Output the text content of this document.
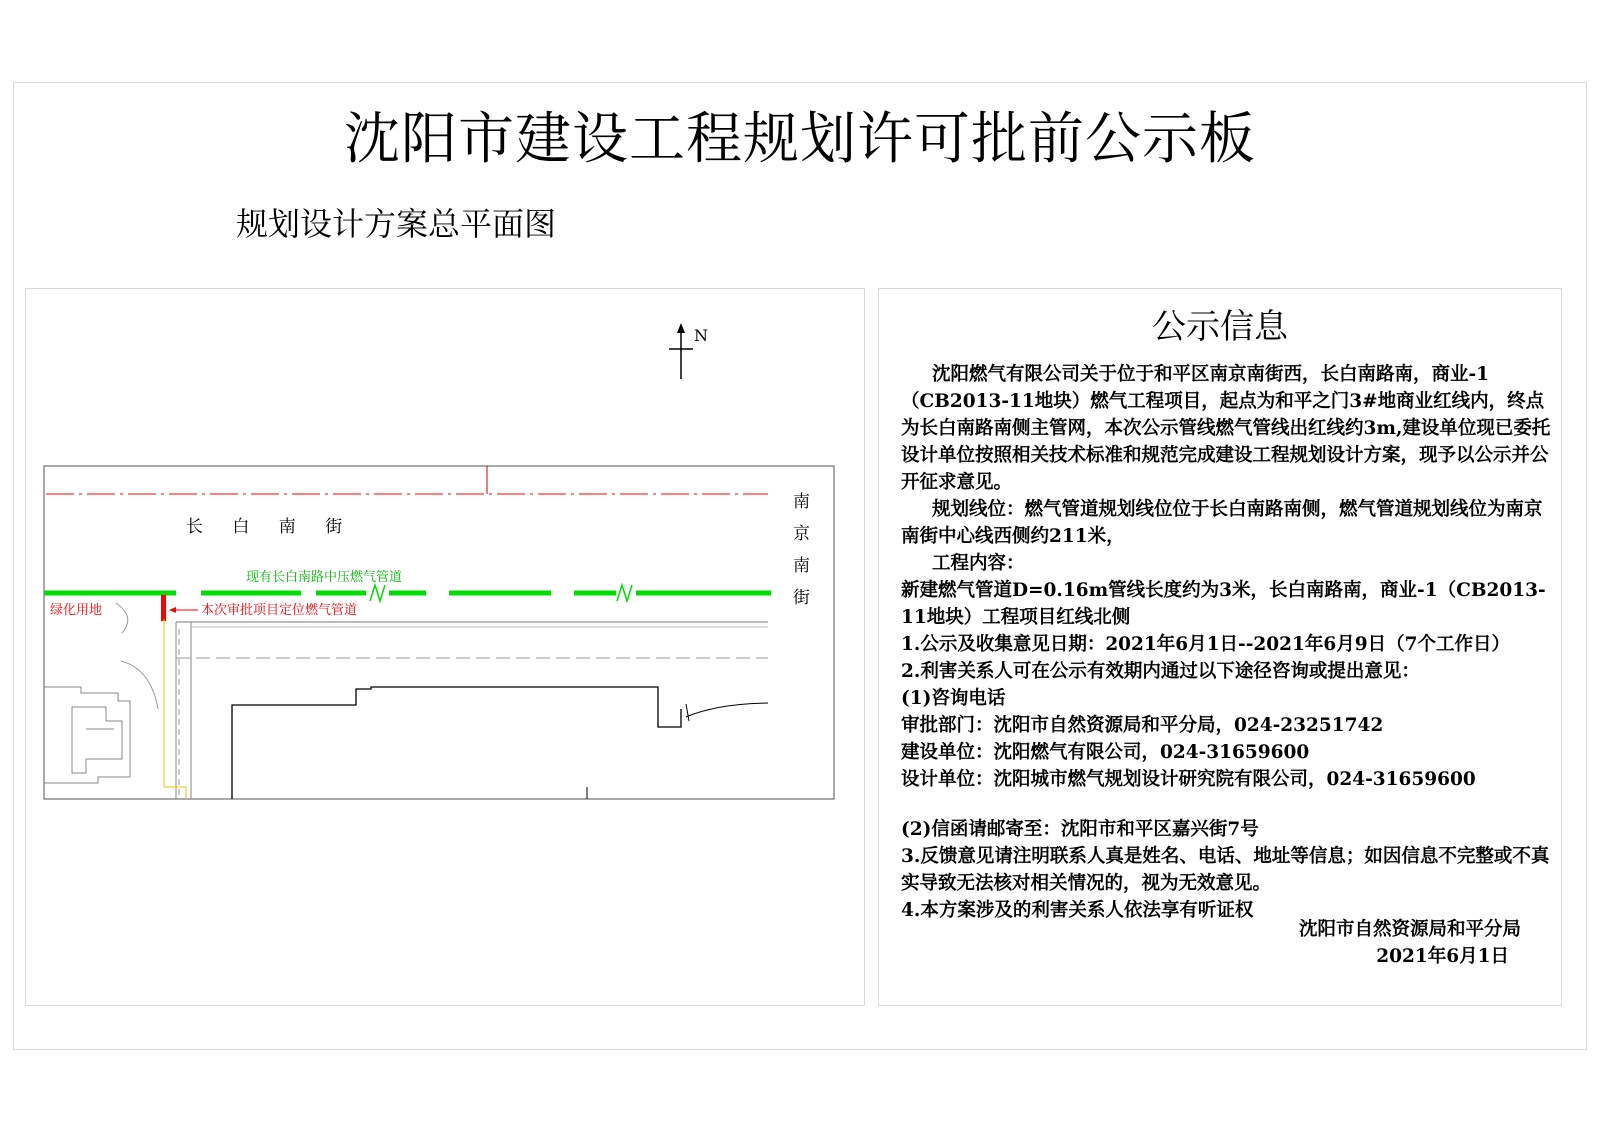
沈阳市建设工程规划许可批前公示板
规划设计方案总平面图
N
长 白 南 街
南
京
南
街
现有长白南路中压燃气管道
绿化用地	本次审批项目定位燃气管道
公示信息

沈阳燃气有限公司关于位于和平区南京南街西，长白南路南，商业-1（CB2013-11地块）燃气工程项目，起点为和平之门3#地商业红线内，终点为长白南路南侧主管网，本次公示管线燃气管线出红线约3m,建设单位现已委托设计单位按照相关技术标准和规范完成建设工程规划设计方案，现予以公示并公开征求意见。

规划线位：燃气管道规划线位位于长白南路南侧，燃气管道规划线位为南京南街中心线西侧约211米，

工程内容：

新建燃气管道D=0.16m管线长度约为3米，长白南路南，商业-1（CB2013-11地块）工程项目红线北侧

1.公示及收集意见日期：2021年6月1日--2021年6月9日（7个工作日）

2.利害关系人可在公示有效期内通过以下途径咨询或提出意见：

(1)咨询电话

审批部门：沈阳市自然资源局和平分局，024-23251742

建设单位：沈阳燃气有限公司，024-31659600

设计单位：沈阳城市燃气规划设计研究院有限公司，024-31659600

(2)信函请邮寄至：沈阳市和平区嘉兴街7号

3.反馈意见请注明联系人真是姓名、电话、地址等信息；如因信息不完整或不真实导致无法核对相关情况的，视为无效意见。

4.本方案涉及的利害关系人依法享有听证权

沈阳市自然资源局和平分局
2021年6月1日
